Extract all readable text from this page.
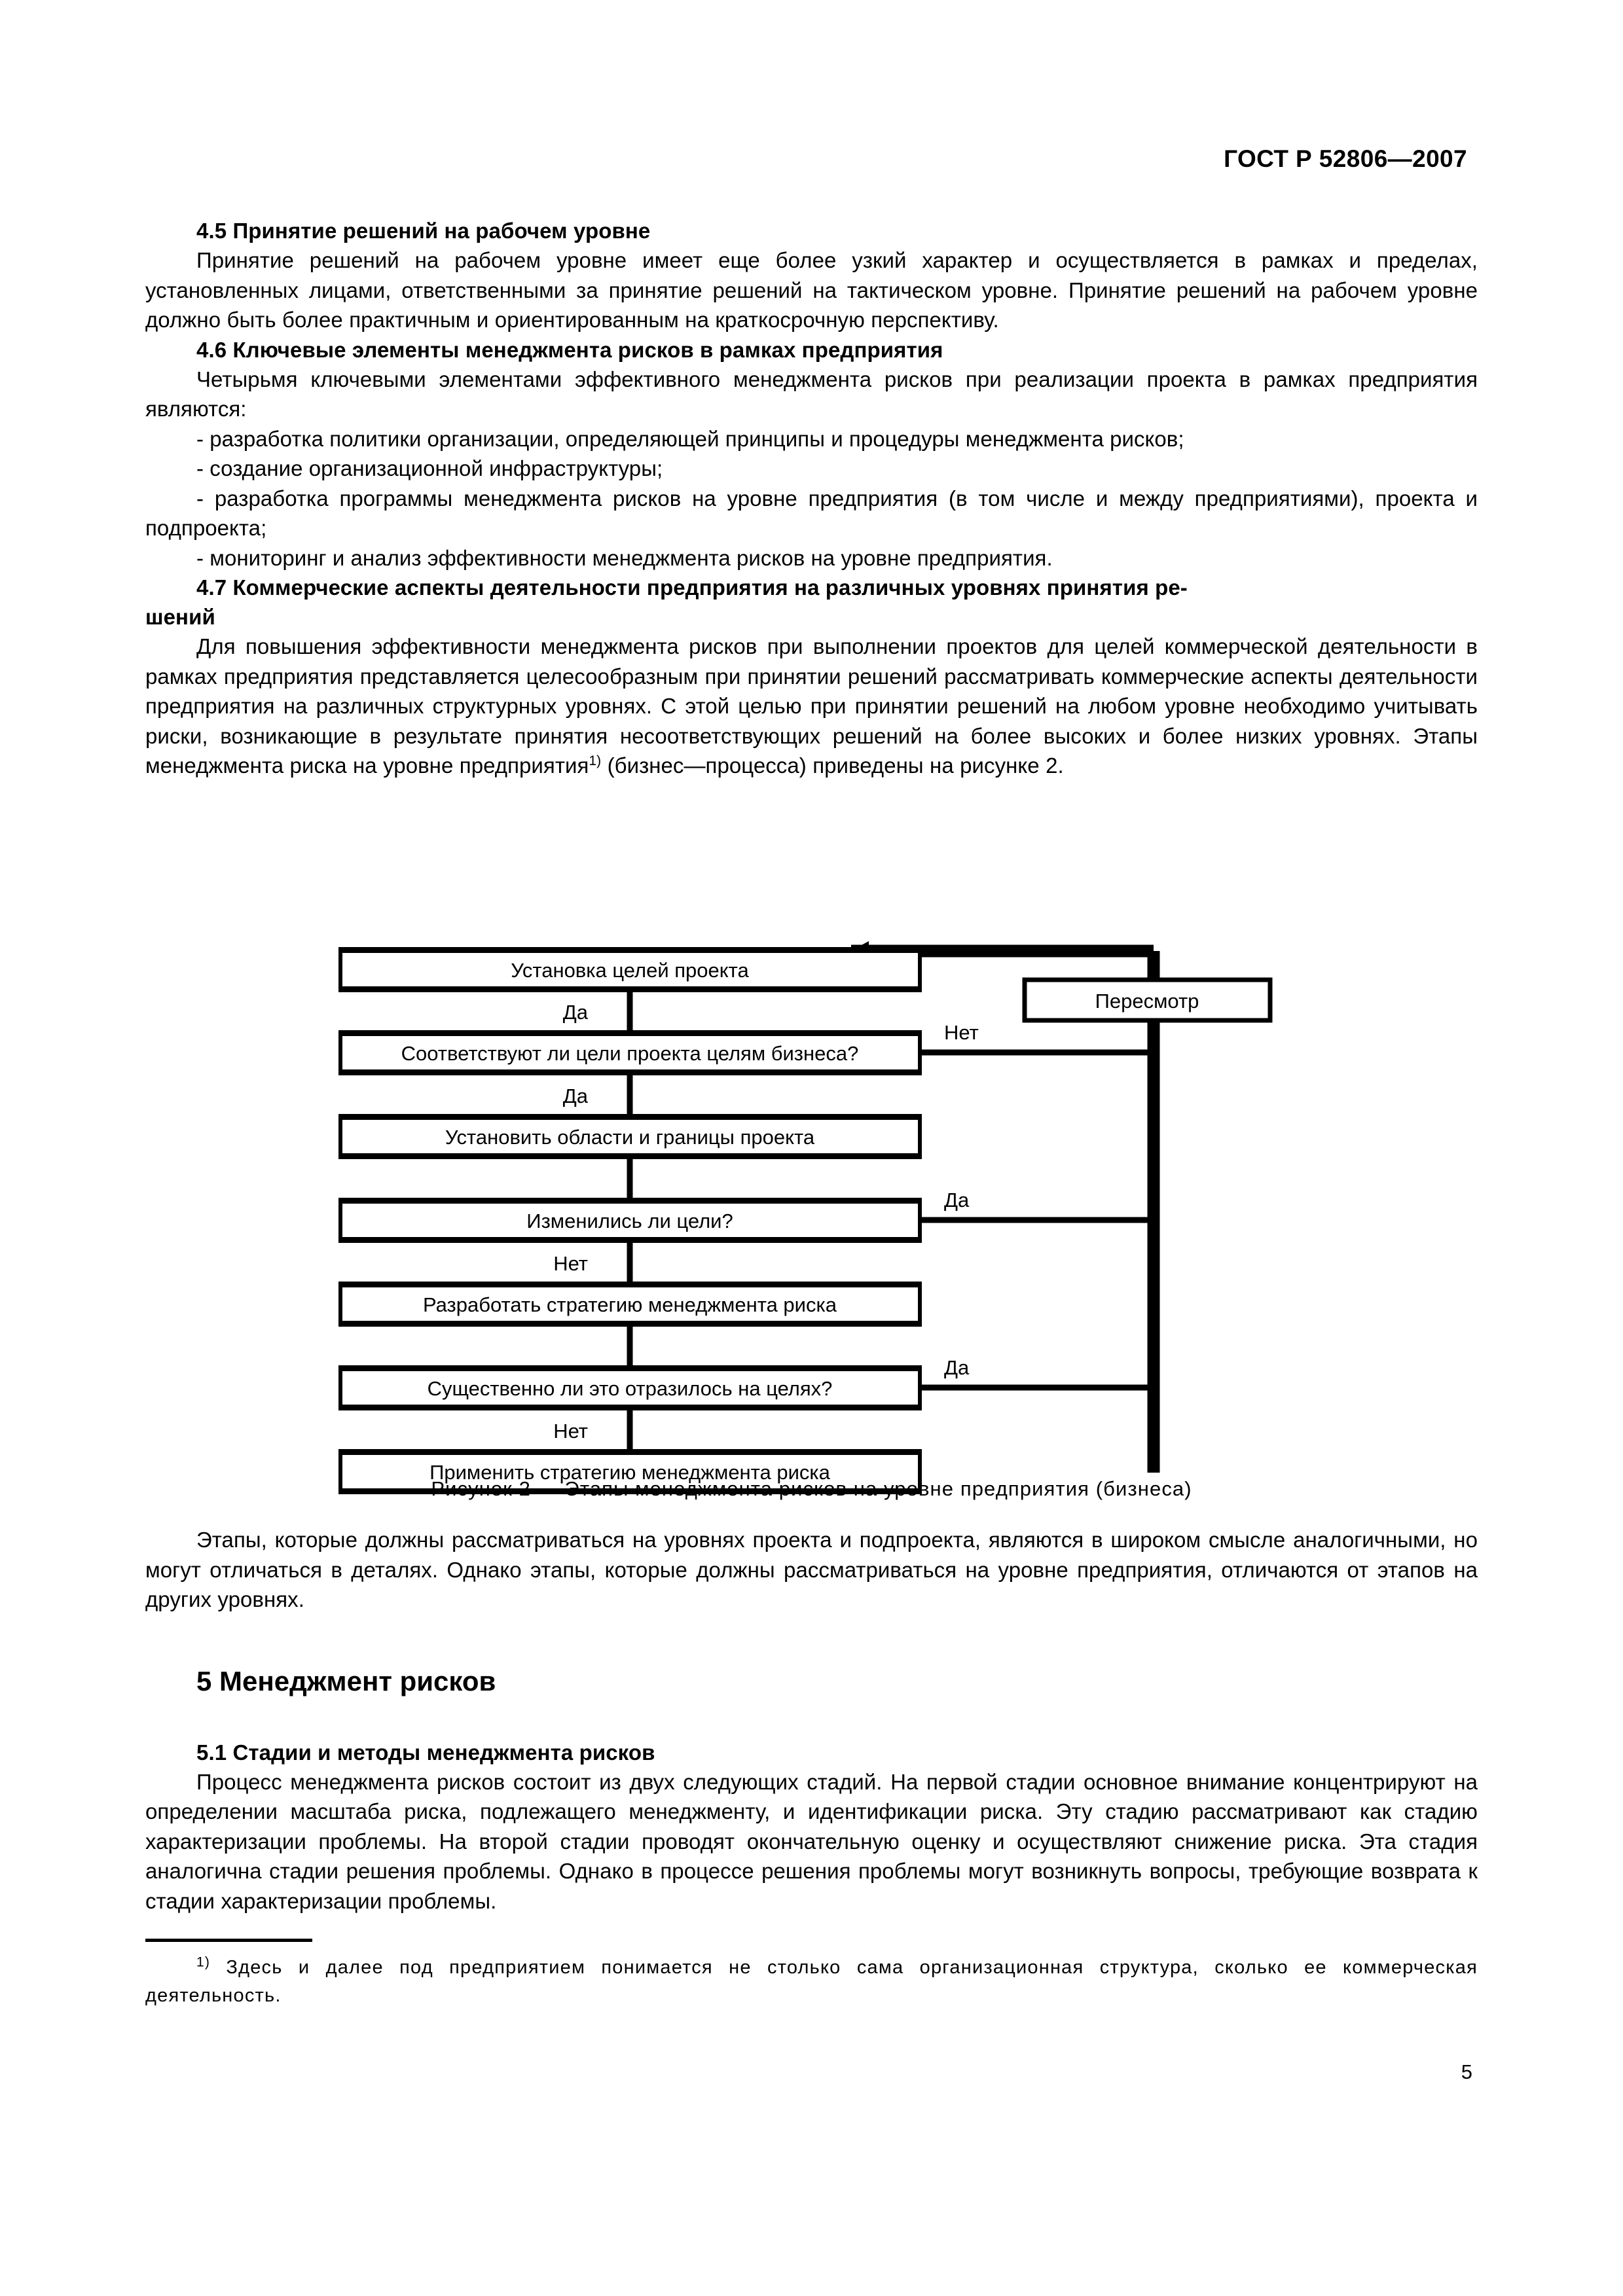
ГОСТ Р 52806—2007
4.5 Принятие решений на рабочем уровне

Принятие решений на рабочем уровне имеет еще более узкий характер и осуществляется в рамках и пределах, установленных лицами, ответственными за принятие решений на тактическом уровне. Принятие решений на рабочем уровне должно быть более практичным и ориентированным на краткосрочную перспективу.

4.6 Ключевые элементы менеджмента рисков в рамках предприятия

Четырьмя ключевыми элементами эффективного менеджмента рисков при реализации проекта в рамках предприятия являются:

- разработка политики организации, определяющей принципы и процедуры менеджмента рисков;

- создание организационной инфраструктуры;

- разработка программы менеджмента рисков на уровне предприятия (в том числе и между предприятиями), проекта и подпроекта;

- мониторинг и анализ эффективности менеджмента рисков на уровне предприятия.

4.7 Коммерческие аспекты деятельности предприятия на различных уровнях принятия ре-
шений

Для повышения эффективности менеджмента рисков при выполнении проектов для целей коммерческой деятельности в рамках предприятия представляется целесообразным при принятии решений рассматривать коммерческие аспекты деятельности предприятия на различных структурных уровнях. С этой целью при принятии решений на любом уровне необходимо учитывать риски, возникающие в результате принятия несоответствующих решений на более высоких и более низких уровнях. Этапы менеджмента риска на уровне предприятия$^{1)}$ (бизнес—процесса) приведены на рисунке 2.

Установка целей проекта
Соответствуют ли цели проекта целям бизнеса?
Установить области и границы проекта
Изменились ли цели?
Разработать стратегию менеджмента риска
Существенно ли это отразилось на целях?
Применить стратегию менеджмента риска
Пересмотр
Да
Да
Нет
Нет
Нет
Да
Да
Рисунок 2 — Этапы менеджмента рисков на уровне предприятия (бизнеса)

Этапы, которые должны рассматриваться на уровнях проекта и подпроекта, являются в широком смысле аналогичными, но могут отличаться в деталях. Однако этапы, которые должны рассматриваться на уровне предприятия, отличаются от этапов на других уровнях.

5 Менеджмент рисков
5.1 Стадии и методы менеджмента рисков

Процесс менеджмента рисков состоит из двух следующих стадий. На первой стадии основное внимание концентрируют на определении масштаба риска, подлежащего менеджменту, и идентификации риска. Эту стадию рассматривают как стадию характеризации проблемы. На второй стадии проводят окончательную оценку и осуществляют снижение риска. Эта стадия аналогична стадии решения проблемы. Однако в процессе решения проблемы могут возникнуть вопросы, требующие возврата к стадии характеризации проблемы.

$^{1)}$ Здесь и далее под предприятием понимается не столько сама организационная структура, сколько ее коммерческая деятельность.

5
